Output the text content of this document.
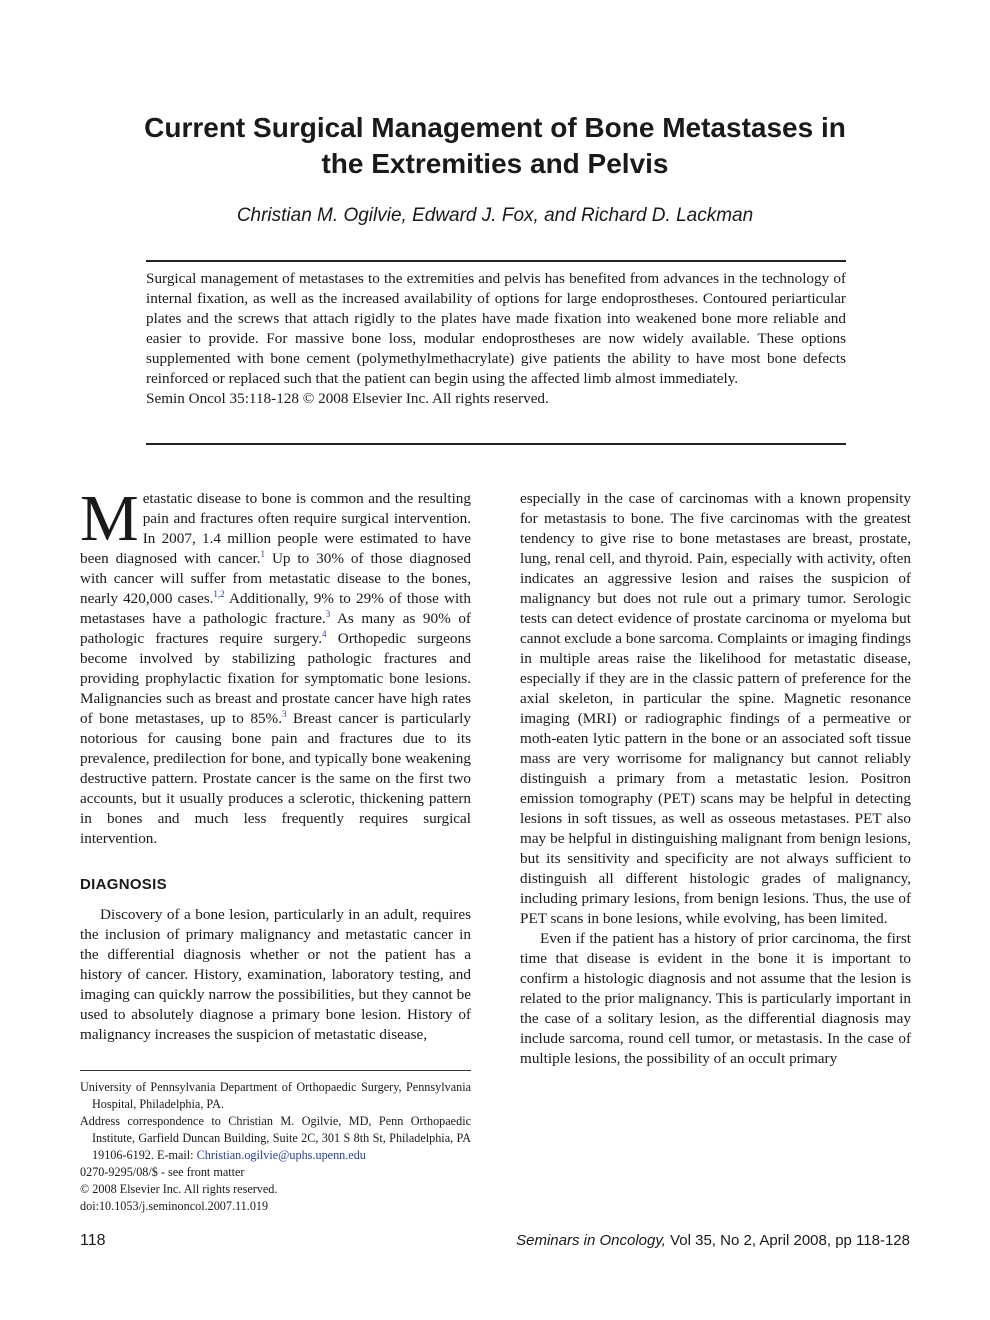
Current Surgical Management of Bone Metastases in the Extremities and Pelvis
Christian M. Ogilvie, Edward J. Fox, and Richard D. Lackman
Surgical management of metastases to the extremities and pelvis has benefited from advances in the technology of internal fixation, as well as the increased availability of options for large endoprostheses. Contoured periarticular plates and the screws that attach rigidly to the plates have made fixation into weakened bone more reliable and easier to provide. For massive bone loss, modular endoprostheses are now widely available. These options supplemented with bone cement (polymethylmethacrylate) give patients the ability to have most bone defects reinforced or replaced such that the patient can begin using the affected limb almost immediately.
Semin Oncol 35:118-128 © 2008 Elsevier Inc. All rights reserved.

Metastatic disease to bone is common and the resulting pain and fractures often require surgical intervention. In 2007, 1.4 million people were estimated to have been diagnosed with cancer.$^1$ Up to 30% of those diagnosed with cancer will suffer from metastatic disease to the bones, nearly 420,000 cases.$^{1,2}$ Additionally, 9% to 29% of those with metastases have a pathologic fracture.$^3$ As many as 90% of pathologic fractures require surgery.$^4$ Orthopedic surgeons become involved by stabilizing pathologic fractures and providing prophylactic fixation for symptomatic bone lesions. Malignancies such as breast and prostate cancer have high rates of bone metastases, up to 85%.$^3$ Breast cancer is particularly notorious for causing bone pain and fractures due to its prevalence, predilection for bone, and typically bone weakening destructive pattern. Prostate cancer is the same on the first two accounts, but it usually produces a sclerotic, thickening pattern in bones and much less frequently requires surgical intervention.

DIAGNOSIS

Discovery of a bone lesion, particularly in an adult, requires the inclusion of primary malignancy and metastatic cancer in the differential diagnosis whether or not the patient has a history of cancer. History, examination, laboratory testing, and imaging can quickly narrow the possibilities, but they cannot be used to absolutely diagnose a primary bone lesion. History of malignancy increases the suspicion of metastatic disease,

especially in the case of carcinomas with a known propensity for metastasis to bone. The five carcinomas with the greatest tendency to give rise to bone metastases are breast, prostate, lung, renal cell, and thyroid. Pain, especially with activity, often indicates an aggressive lesion and raises the suspicion of malignancy but does not rule out a primary tumor. Serologic tests can detect evidence of prostate carcinoma or myeloma but cannot exclude a bone sarcoma. Complaints or imaging findings in multiple areas raise the likelihood for metastatic disease, especially if they are in the classic pattern of preference for the axial skeleton, in particular the spine. Magnetic resonance imaging (MRI) or radiographic findings of a permeative or moth-eaten lytic pattern in the bone or an associated soft tissue mass are very worrisome for malignancy but cannot reliably distinguish a primary from a metastatic lesion. Positron emission tomography (PET) scans may be helpful in detecting lesions in soft tissues, as well as osseous metastases. PET also may be helpful in distinguishing malignant from benign lesions, but its sensitivity and specificity are not always sufficient to distinguish all different histologic grades of malignancy, including primary lesions, from benign lesions. Thus, the use of PET scans in bone lesions, while evolving, has been limited.

Even if the patient has a history of prior carcinoma, the first time that disease is evident in the bone it is important to confirm a histologic diagnosis and not assume that the lesion is related to the prior malignancy. This is particularly important in the case of a solitary lesion, as the differential diagnosis may include sarcoma, round cell tumor, or metastasis. In the case of multiple lesions, the possibility of an occult primary

University of Pennsylvania Department of Orthopaedic Surgery, Pennsylvania Hospital, Philadelphia, PA.
Address correspondence to Christian M. Ogilvie, MD, Penn Orthopaedic Institute, Garfield Duncan Building, Suite 2C, 301 S 8th St, Philadelphia, PA 19106-6192. E-mail: Christian.ogilvie@uphs.upenn.edu
0270-9295/08/$ - see front matter
© 2008 Elsevier Inc. All rights reserved.
doi:10.1053/j.seminoncol.2007.11.019
118	Seminars in Oncology, Vol 35, No 2, April 2008, pp 118-128
